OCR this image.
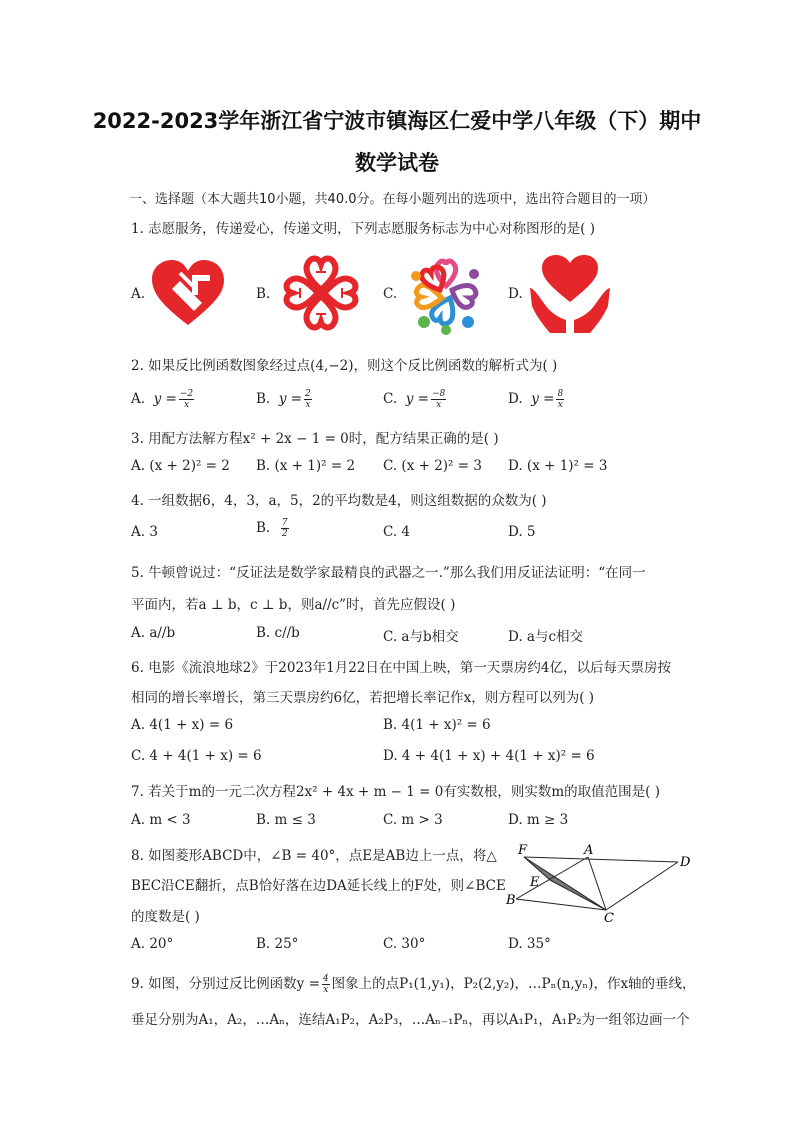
2022-2023学年浙江省宁波市镇海区仁爱中学八年级（下）期中
数学试卷
一、选择题（本大题共10小题，共40.0分。在每小题列出的选项中，选出符合题目的一项）
1. 志愿服务，传递爱心，传递文明，下列志愿服务标志为中心对称图形的是( )
A.	B.	C.	D.
2. 如果反比例函数图象经过点(4,−2)，则这个反比例函数的解析式为( )
A. $y = \frac{-2}{x}$	B. $y = \frac{2}{x}$	C. $y = \frac{-8}{x}$	D. $y = \frac{8}{x}$
3. 用配方法解方程x² + 2x − 1 = 0时，配方结果正确的是( )
A. (x + 2)² = 2 B. (x + 1)² = 2 C. (x + 2)² = 3 D. (x + 1)² = 3
4. 一组数据6，4，3，a，5，2的平均数是4，则这组数据的众数为( )
A. 3	B. $\frac{7}{2}$	C. 4	D. 5
5. 牛顿曾说过：“反证法是数学家最精良的武器之一.”那么我们用反证法证明：“在同一
平面内，若a ⊥ b，c ⊥ b，则a//c”时，首先应假设( )
A. a//b	B. c//b	C. a与b相交	D. a与c相交
6. 电影《流浪地球2》于2023年1月22日在中国上映，第一天票房约4亿，以后每天票房按
相同的增长率增长，第三天票房约6亿，若把增长率记作x，则方程可以列为( )
A. 4(1 + x) = 6	B. 4(1 + x)² = 6
C. 4 + 4(1 + x) = 6	D. 4 + 4(1 + x) + 4(1 + x)² = 6
7. 若关于m的一元二次方程2x² + 4x + m − 1 = 0有实数根，则实数m的取值范围是( )
A. m < 3	B. m ≤ 3	C. m > 3	D. m ≥ 3
8. 如图菱形ABCD中，∠B = 40°，点E是AB边上一点，将△
BEC沿CE翻折，点B恰好落在边DA延长线上的F处，则∠BCE
的度数是( )
A. 20°	B. 25°	C. 30°	D. 35°
F	A
D
E
B
C
9. 如图，分别过反比例函数$y = \frac{4}{x}$ 图象上的点P₁(1,y₁)，P₂(2,y₂)，…Pₙ(n,yₙ)，作x轴的垂线，
垂足分别为A₁，A₂，…Aₙ，连结A₁P₂，A₂P₃，…Aₙ₋₁Pₙ，再以A₁P₁，A₁P₂为一组邻边画一个
